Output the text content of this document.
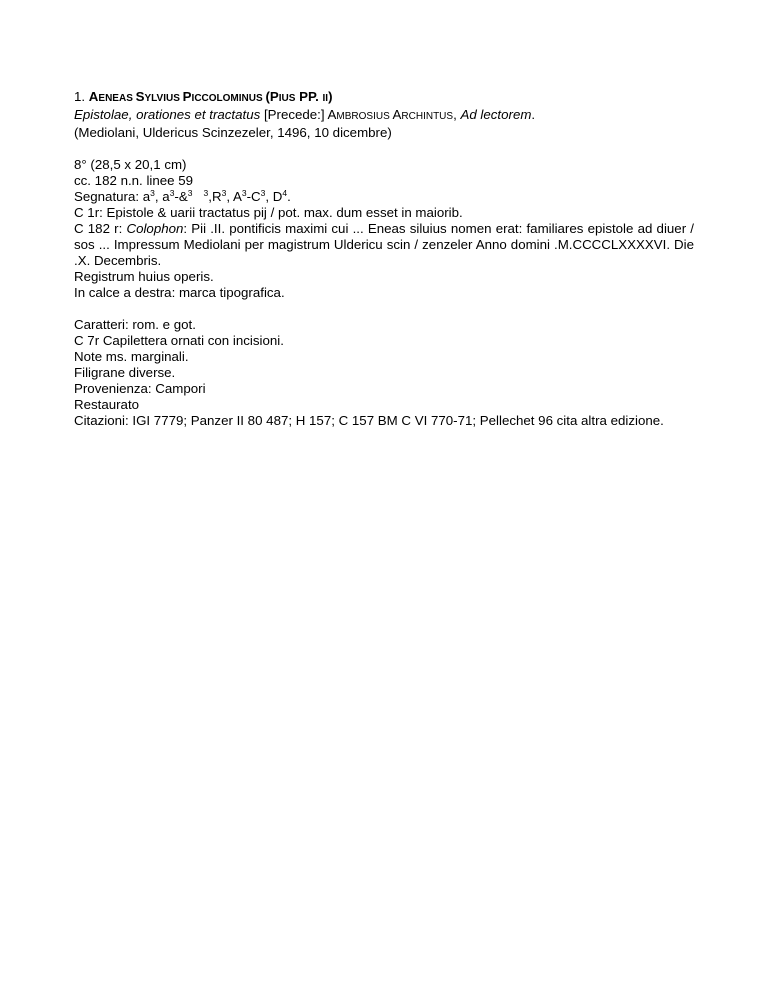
1. AENEAS SYLVIUS PICCOLOMINUS (PIUS PP. II)

Epistolae, orationes et tractatus [Precede:] AMBROSIUS ARCHINTUS, Ad lectorem.

(Mediolani, Uldericus Scinzezeler, 1496, 10 dicembre)

8° (28,5 x 20,1 cm)

cc. 182 n.n. linee 59

Segnatura: $a^3$, $a^3-\&^3$ $^3,R^3$, $A^3-C^3$, $D^4$.

C 1r: Epistole & uarii tractatus pij / pot. max. dum esset in maiorib.

C 182 r: Colophon: Pii .II. pontificis maximi cui ... Eneas siluius nomen erat: familiares epistole ad diuer / sos ... Impressum Mediolani per magistrum Uldericu scin / zenzeler Anno domini .M.CCCCLXXXXVI. Die .X. Decembris.

Registrum huius operis.

In calce a destra: marca tipografica.

Caratteri: rom. e got.

C 7r Capilettera ornati con incisioni.

Note ms. marginali.

Filigrane diverse.

Provenienza: Campori

Restaurato

Citazioni: IGI 7779; Panzer II 80 487; H 157; C 157 BM C VI 770-71; Pellechet 96 cita altra edizione.
